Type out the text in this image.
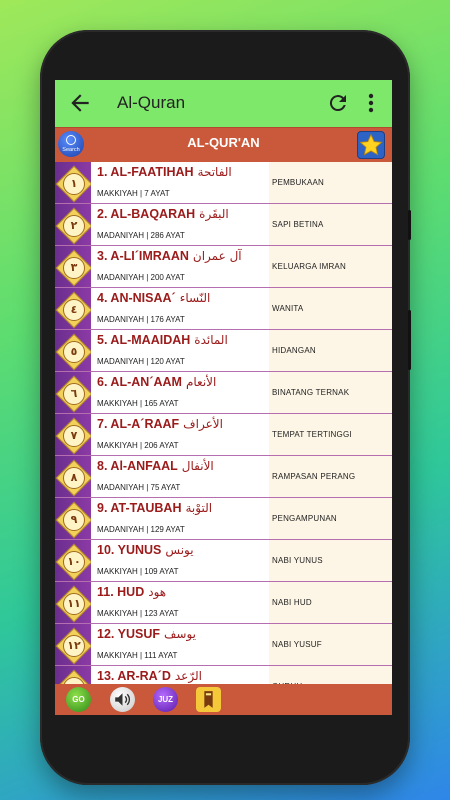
Al-Quran
Search	AL-QUR'AN
١
1. AL-FAATIHAH الفاتحة
MAKKIYAH | 7 AYAT
PEMBUKAAN
٢
2. AL-BAQARAH البقَرة
MADANIYAH | 286 AYAT
SAPI BETINA
٣
3. A-LI´IMRAAN آل عمران
MADANIYAH | 200 AYAT
KELUARGA IMRAN
٤
4. AN-NISAA´ النّساء
MADANIYAH | 176 AYAT
WANITA
٥
5. AL-MAAIDAH المائدة
MADANIYAH | 120 AYAT
HIDANGAN
٦
6. AL-AN´AAM الأنعام
MAKKIYAH | 165 AYAT
BINATANG TERNAK
٧
7. AL-A´RAAF الأعراف
MAKKIYAH | 206 AYAT
TEMPAT TERTINGGI
٨
8. Al-ANFAAL الأنفال
MADANIYAH | 75 AYAT
RAMPASAN PERANG
٩
9. AT-TAUBAH التوْبة
MADANIYAH | 129 AYAT
PENGAMPUNAN
١٠
10. YUNUS يونس
MAKKIYAH | 109 AYAT
NABI YUNUS
١١
11. HUD هود
MAKKIYAH | 123 AYAT
NABI HUD
١٢
12. YUSUF يوسف
MAKKIYAH | 111 AYAT
NABI YUSUF
13. AR-RA´D الرّعد
GO	JUZ
